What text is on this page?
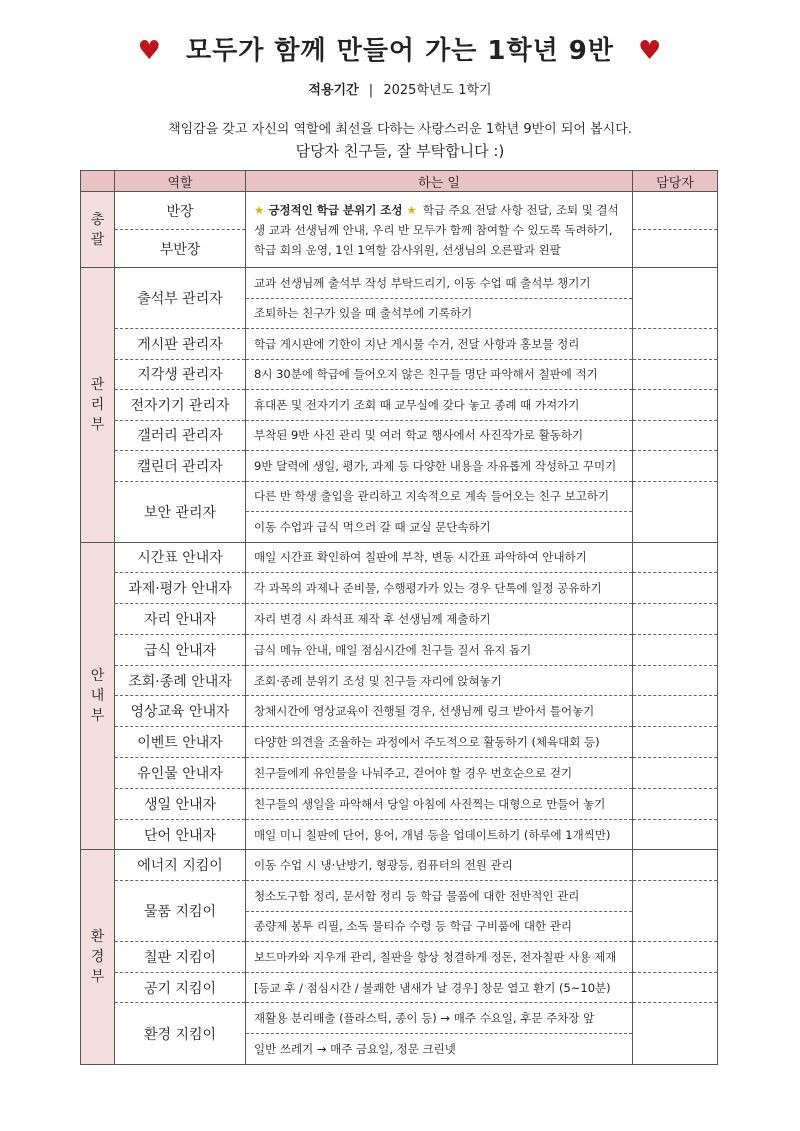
♥ 모두가 함께 만들어 가는 1학년 9반 ♥
적용기간 | 2025학년도 1학기
책임감을 갖고 자신의 역할에 최선을 다하는 사랑스러운 1학년 9반이 되어 봅시다.
담당자 친구들, 잘 부탁합니다 :)
	역할	하는 일	담당자
총
괄	반장	★ 긍정적인 학급 분위기 조성 ★ 학급 주요 전달 사항 전달, 조퇴 및 결석생 교과 선생님께 안내, 우리 반 모두가 함께 참여할 수 있도록 독려하기, 학급 회의 운영, 1인 1역할 감사위원, 선생님의 오른팔과 왼팔	
	부반장		
관
리
부	출석부 관리자	교과 선생님께 출석부 작성 부탁드리기, 이동 수업 때 출석부 챙기기	
		조퇴하는 친구가 있을 때 출석부에 기록하기	
	게시판 관리자	학급 게시판에 기한이 지난 게시물 수거, 전달 사항과 홍보물 정리	
	지각생 관리자	8시 30분에 학급에 들어오지 않은 친구들 명단 파악해서 칠판에 적기	
	전자기기 관리자	휴대폰 및 전자기기 조회 때 교무실에 갖다 놓고 종례 때 가져가기	
	갤러리 관리자	부착된 9반 사진 관리 및 여러 학교 행사에서 사진작가로 활동하기	
	캘린더 관리자	9반 달력에 생일, 평가, 과제 등 다양한 내용을 자유롭게 작성하고 꾸미기	
	보안 관리자	다른 반 학생 출입을 관리하고 지속적으로 계속 들어오는 친구 보고하기	
		이동 수업과 급식 먹으러 갈 때 교실 문단속하기	
안
내
부	시간표 안내자	매일 시간표 확인하여 칠판에 부착, 변동 시간표 파악하여 안내하기	
	과제·평가 안내자	각 과목의 과제나 준비물, 수행평가가 있는 경우 단톡에 일정 공유하기	
	자리 안내자	자리 변경 시 좌석표 제작 후 선생님께 제출하기	
	급식 안내자	급식 메뉴 안내, 매일 점심시간에 친구들 질서 유지 돕기	
	조회·종례 안내자	조회·종례 분위기 조성 및 친구들 자리에 앉혀놓기	
	영상교육 안내자	창체시간에 영상교육이 진행될 경우, 선생님께 링크 받아서 틀어놓기	
	이벤트 안내자	다양한 의견을 조율하는 과정에서 주도적으로 활동하기 (체육대회 등)	
	유인물 안내자	친구들에게 유인물을 나눠주고, 걷어야 할 경우 번호순으로 걷기	
	생일 안내자	친구들의 생일을 파악해서 당일 아침에 사진찍는 대형으로 만들어 놓기	
	단어 안내자	매일 미니 칠판에 단어, 용어, 개념 등을 업데이트하기 (하루에 1개씩만)	
환
경
부	에너지 지킴이	이동 수업 시 냉·난방기, 형광등, 컴퓨터의 전원 관리	
	물품 지킴이	청소도구함 정리, 문서함 정리 등 학급 물품에 대한 전반적인 관리	
		종량제 봉투 리필, 소독 물티슈 수령 등 학급 구비품에 대한 관리	
	칠판 지킴이	보드마카와 지우개 관리, 칠판을 항상 청결하게 정돈, 전자칠판 사용 제재	
	공기 지킴이	[등교 후 / 점심시간 / 불쾌한 냄새가 날 경우] 창문 열고 환기 (5~10분)	
	환경 지킴이	재활용 분리배출 (플라스틱, 종이 등) → 매주 수요일, 후문 주차장 앞	
		일반 쓰레기 → 매주 금요일, 정문 크린넷	
